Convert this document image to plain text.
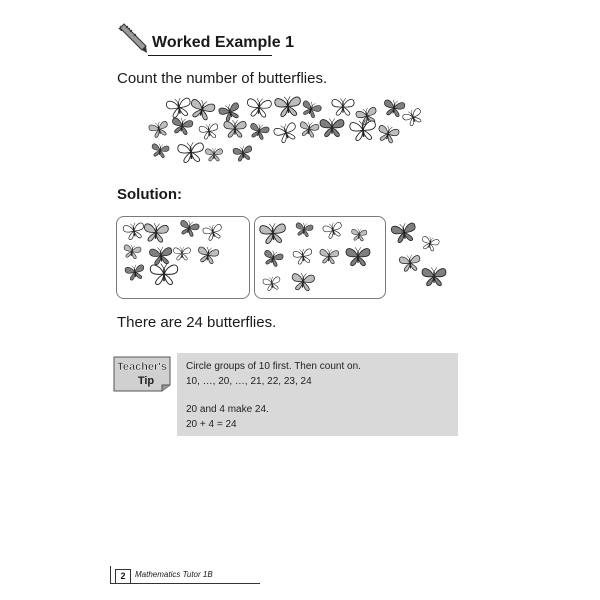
Worked Example 1
Count the number of butterflies.
Solution:
There are 24 butterflies.
Teacher's
Tip
Circle groups of 10 first. Then count on.
10, …, 20, …, 21, 22, 23, 24
20 and 4 make 24.
20 + 4 = 24
2	Mathematics Tutor 1B
